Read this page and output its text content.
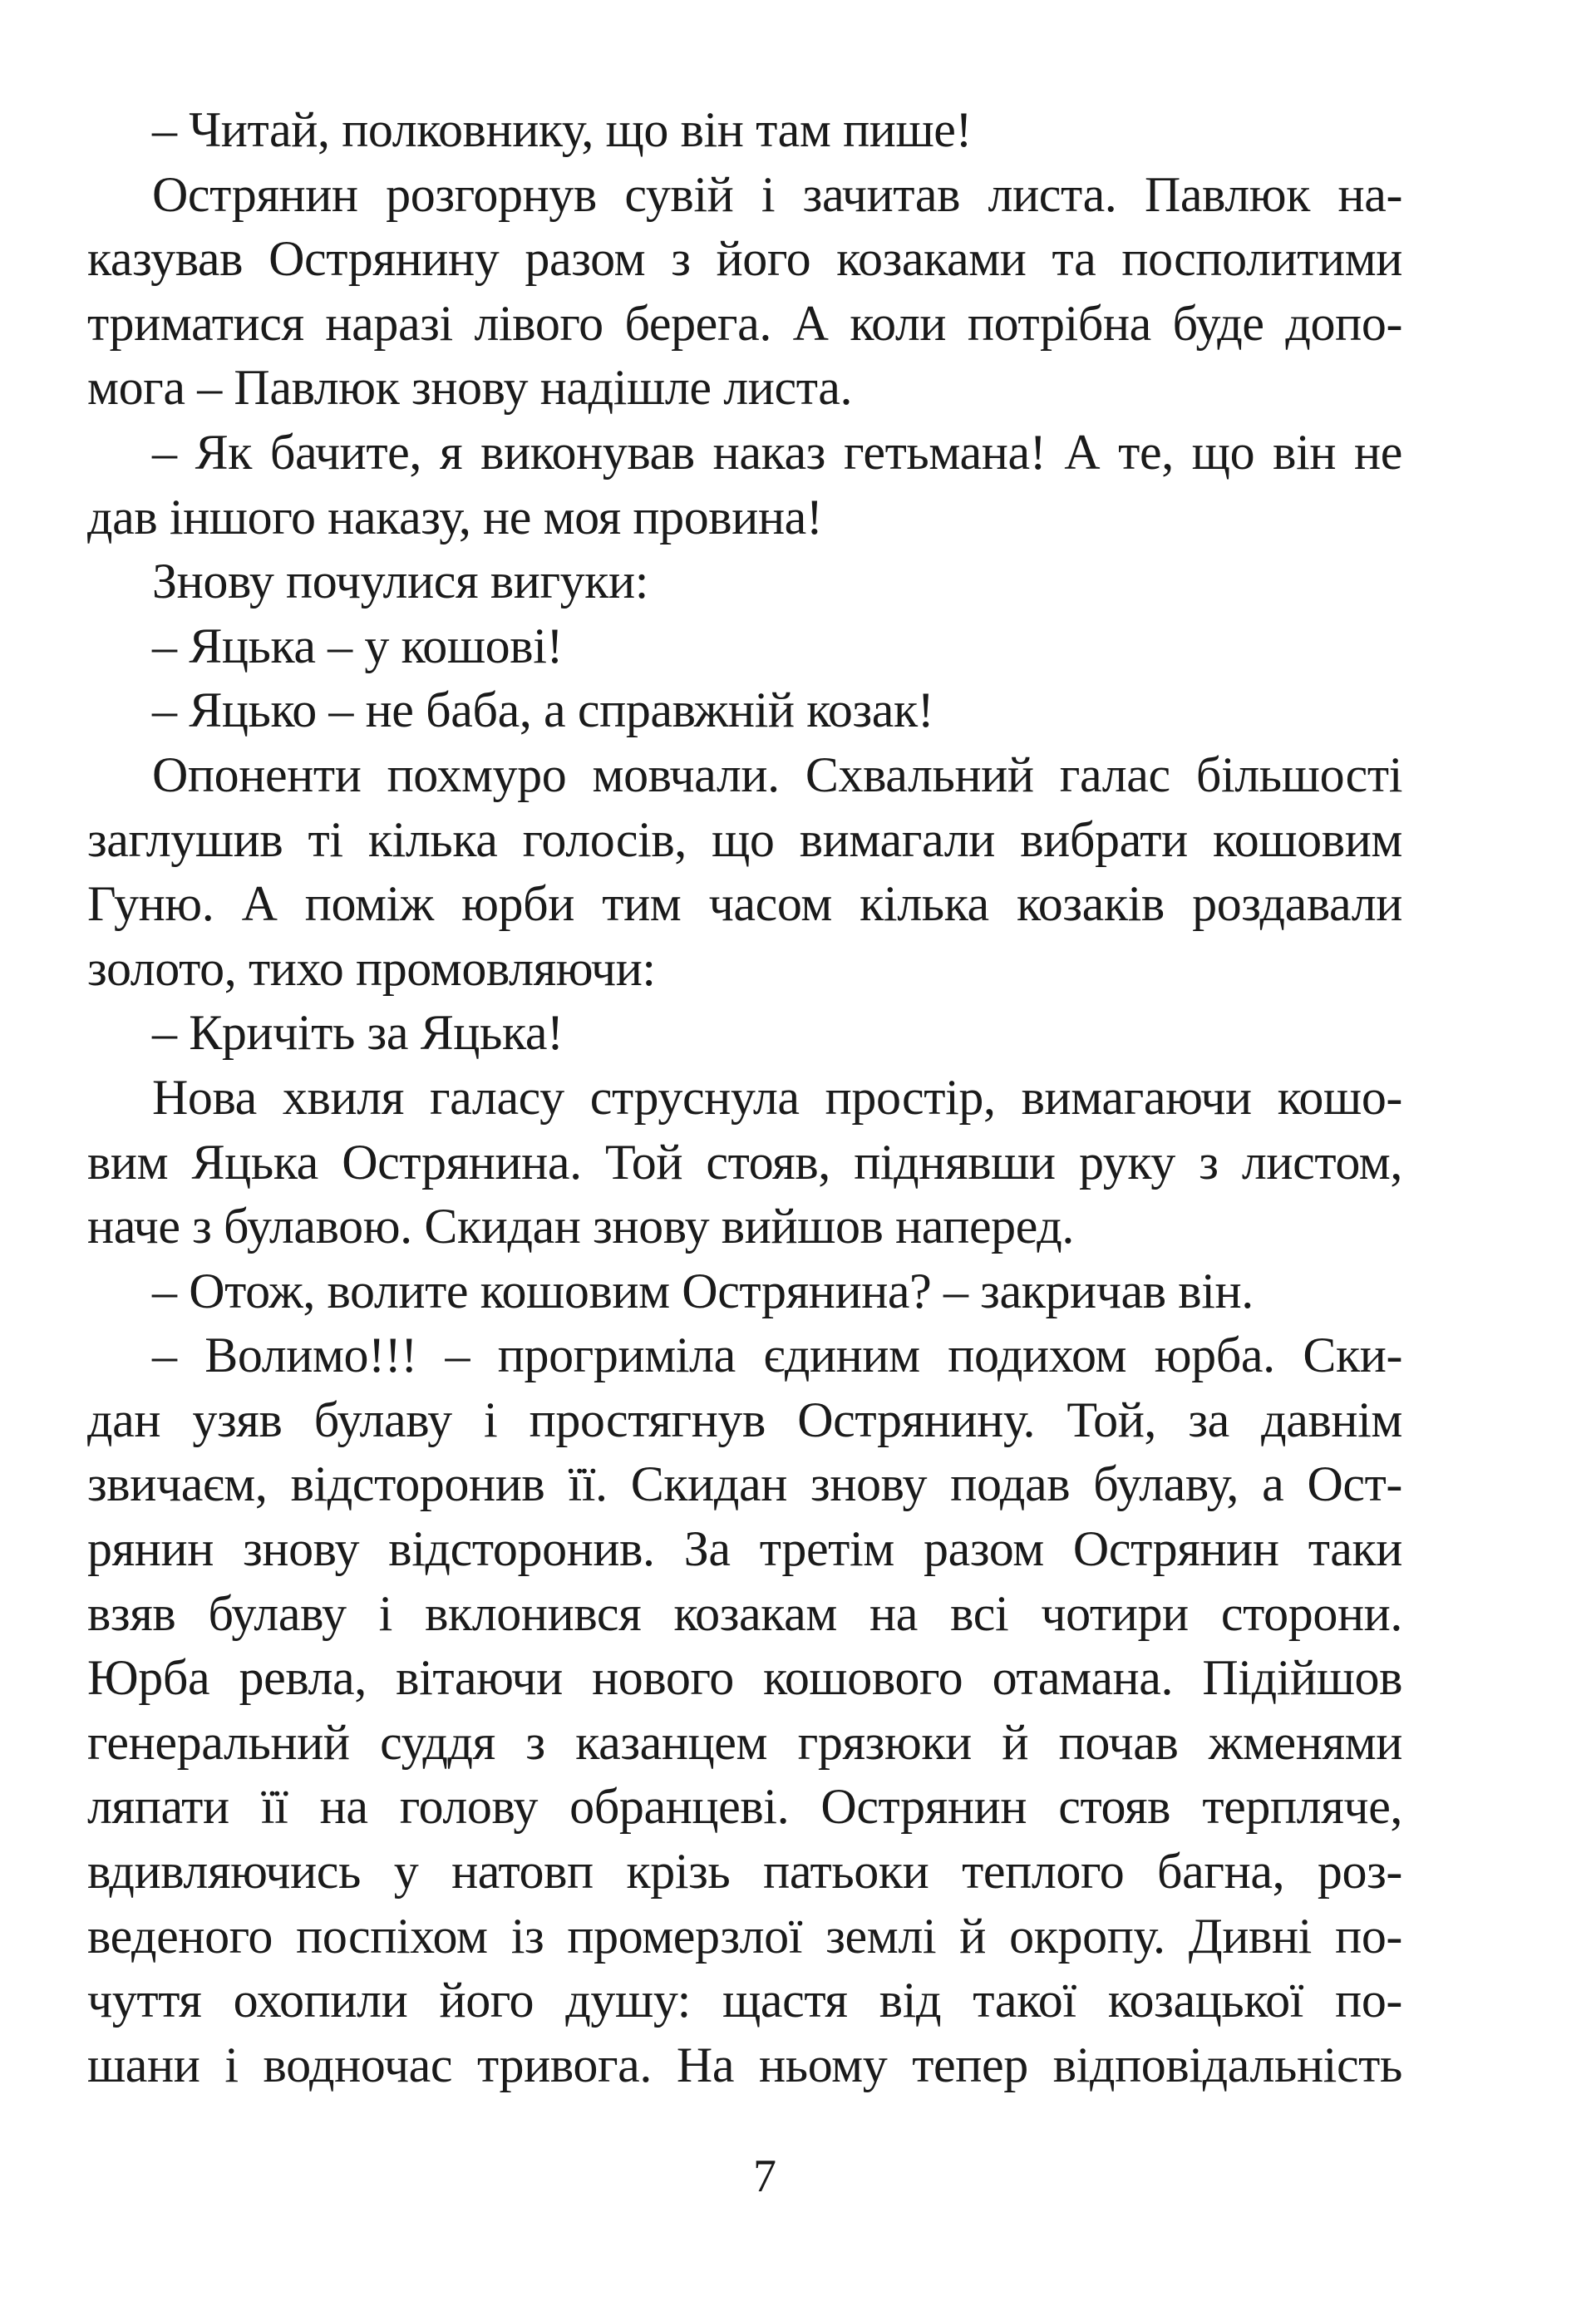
– Читай, полковнику, що він там пише!
Острянин розгорнув сувій і зачитав листа. Павлюк на-
казував Острянину разом з його козаками та посполитими
триматися наразі лівого берега. А коли потрібна буде допо-
мога – Павлюк знову надішле листа.
– Як бачите, я виконував наказ гетьмана! А те, що він не
дав іншого наказу, не моя провина!
Знову почулися вигуки:
– Яцька – у кошові!
– Яцько – не баба, а справжній козак!
Опоненти похмуро мовчали. Схвальний галас більшості
заглушив ті кілька голосів, що вимагали вибрати кошовим
Гуню. А поміж юрби тим часом кілька козаків роздавали
золото, тихо промовляючи:
– Кричіть за Яцька!
Нова хвиля галасу струснула простір, вимагаючи кошо-
вим Яцька Острянина. Той стояв, піднявши руку з листом,
наче з булавою. Скидан знову вийшов наперед.
– Отож, волите кошовим Острянина? – закричав він.
– Волимо!!! – прогриміла єдиним подихом юрба. Ски-
дан узяв булаву і простягнув Острянину. Той, за давнім
звичаєм, відсторонив її. Скидан знову подав булаву, а Ост-
рянин знову відсторонив. За третім разом Острянин таки
взяв булаву і вклонився козакам на всі чотири сторони.
Юрба ревла, вітаючи нового кошового отамана. Підійшов
генеральний суддя з казанцем грязюки й почав жменями
ляпати її на голову обранцеві. Острянин стояв терпляче,
вдивляючись у натовп крізь патьоки теплого багна, роз-
веденого поспіхом із промерзлої землі й окропу. Дивні по-
чуття охопили його душу: щастя від такої козацької по-
шани і водночас тривога. На ньому тепер відповідальність
7
